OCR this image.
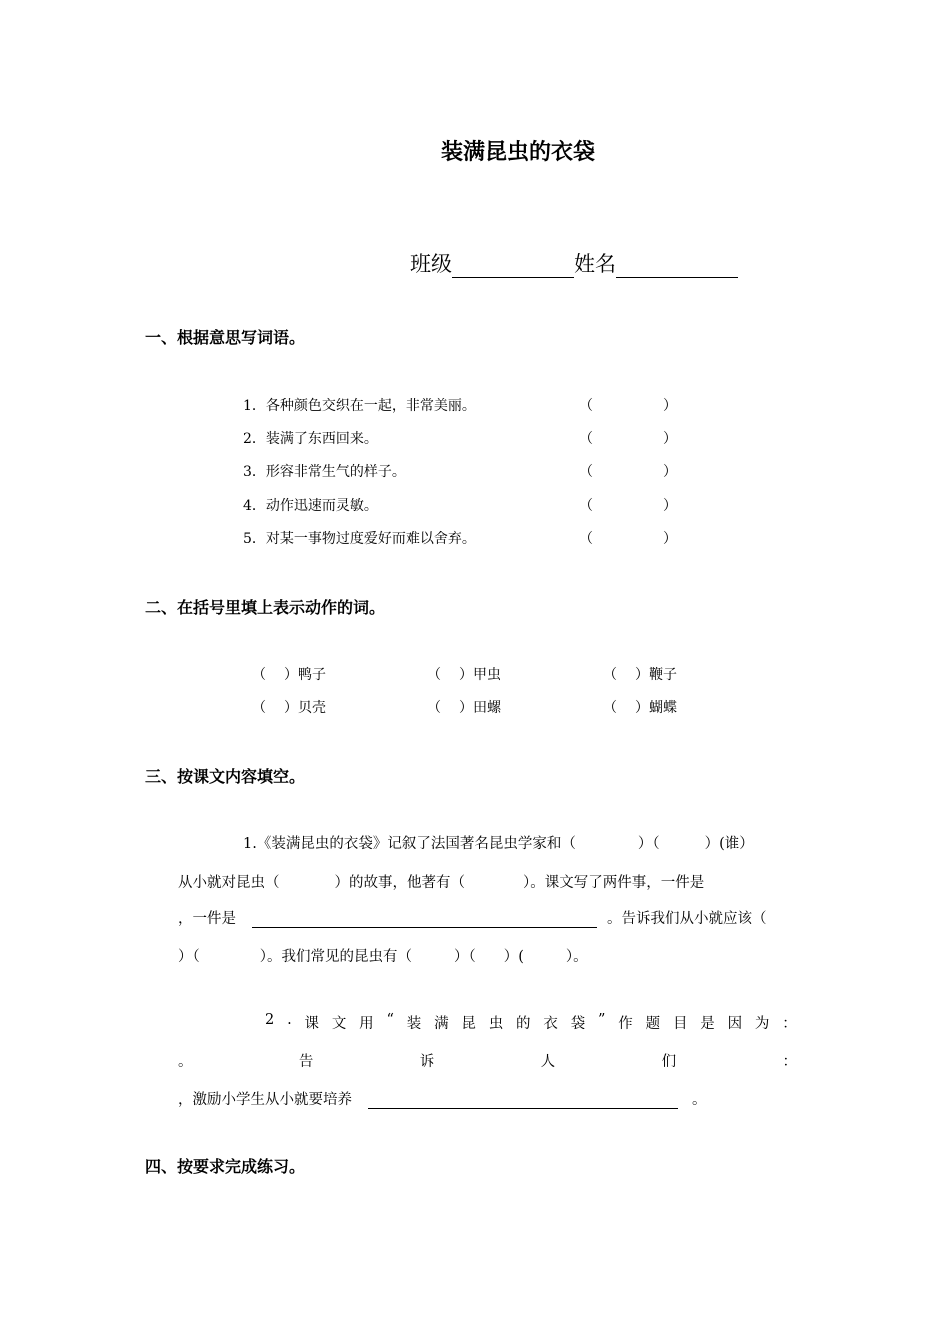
装满昆虫的衣袋
班级	姓名
一、根据意思写词语。
1．各种颜色交织在一起，非常美丽。	（	）
2．装满了东西回来。	（	）
3．形容非常生气的样子。	（	）
4．动作迅速而灵敏。	（	）
5．对某一事物过度爱好而难以舍弃。	（	）
二、在括号里填上表示动作的词。
（ ）鸭子	（ ）甲虫	（ ）鞭子
（ ）贝壳	（ ）田螺	（ ）蝴蝶
三、按课文内容填空。
1.《装满昆虫的衣袋》记叙了法国著名昆虫学家和（	）（	）(谁）
从小就对昆虫（	）的故事，他著有（	）。课文写了两件事，一件是
，一件是	。告诉我们从小就应该（
）（	）。我们常见的昆虫有（	）（ ）(	）。
2 . 课 文 用 “ 装 满 昆 虫 的 衣 袋 ” 作 题 目 是 因 为 ：
。	告	诉	人	们	：
，激励小学生从小就要培养	。
四、按要求完成练习。
